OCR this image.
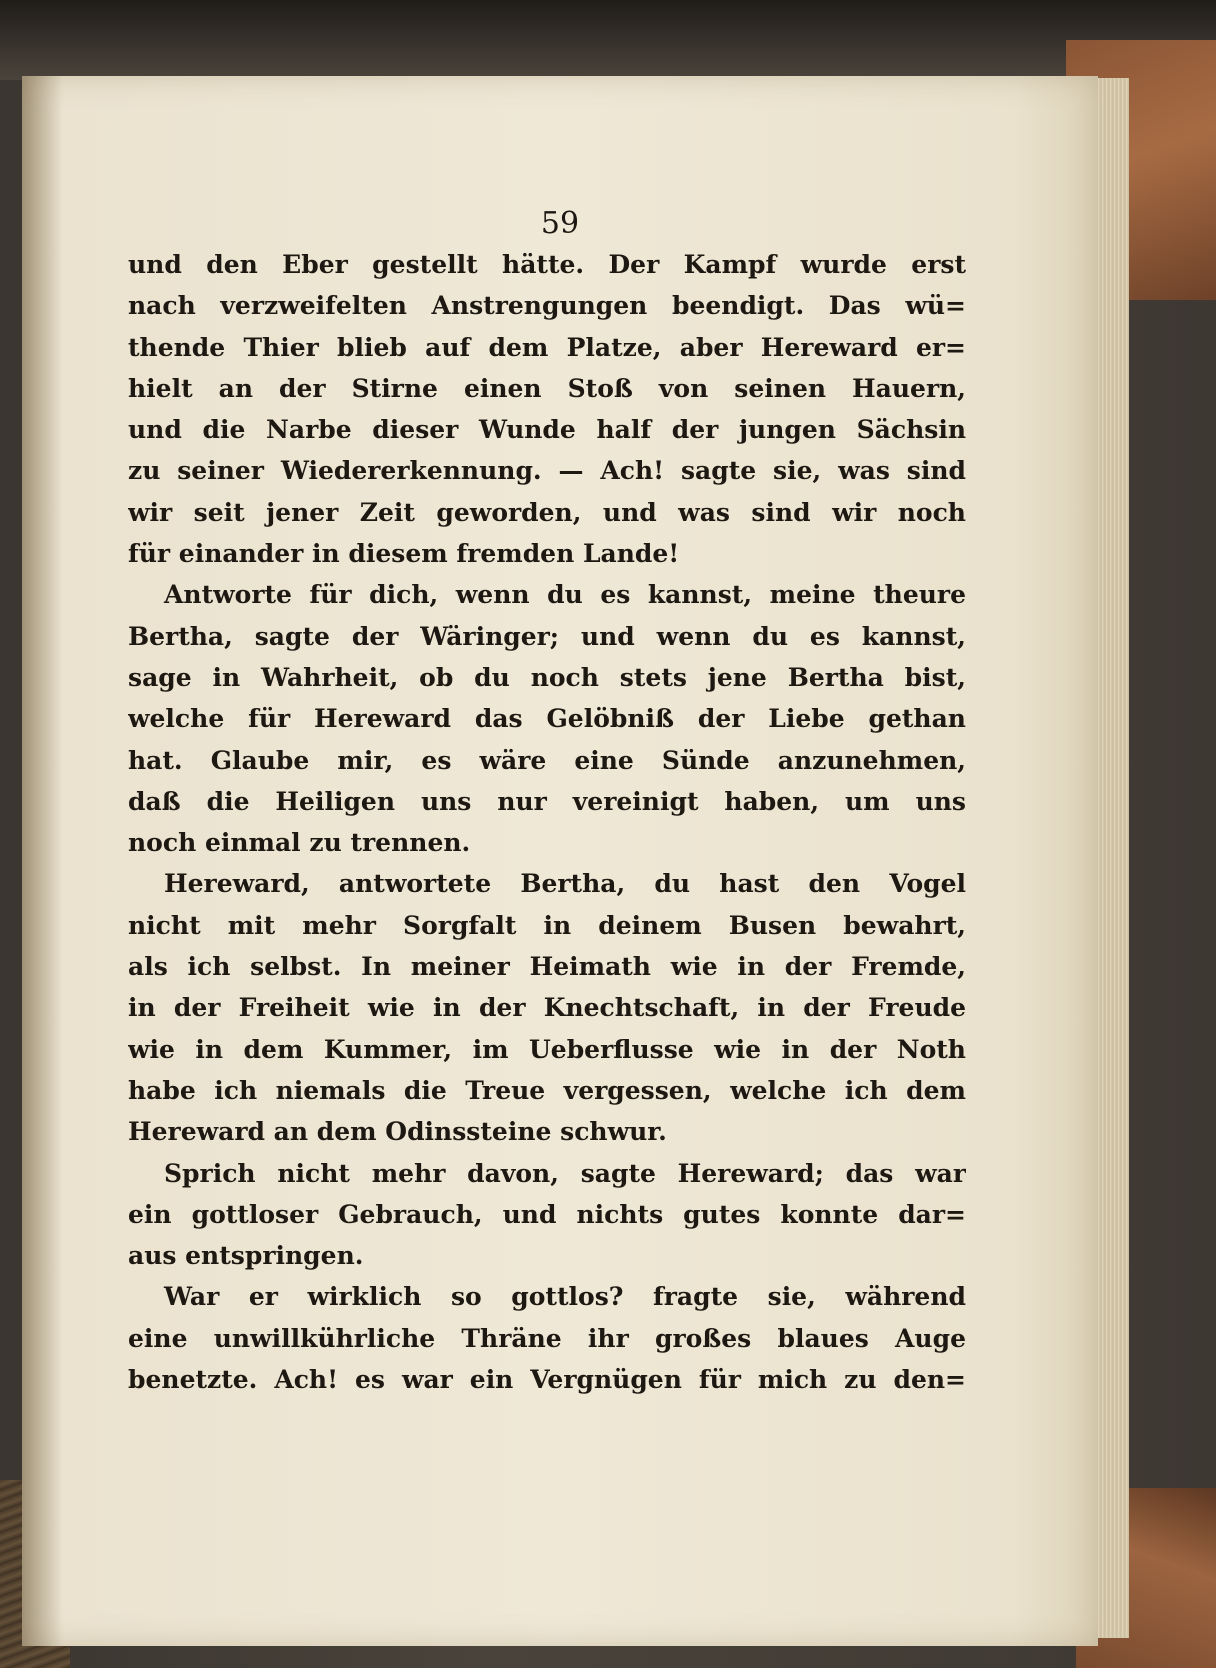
59
und den Eber gestellt hätte. Der Kampf wurde erst
nach verzweifelten Anstrengungen beendigt. Das wü=
thende Thier blieb auf dem Platze, aber Hereward er=
hielt an der Stirne einen Stoß von seinen Hauern,
und die Narbe dieser Wunde half der jungen Sächsin
zu seiner Wiedererkennung. — Ach! sagte sie, was sind
wir seit jener Zeit geworden, und was sind wir noch
für einander in diesem fremden Lande!
Antworte für dich, wenn du es kannst, meine theure
Bertha, sagte der Wäringer; und wenn du es kannst,
sage in Wahrheit, ob du noch stets jene Bertha bist,
welche für Hereward das Gelöbniß der Liebe gethan
hat. Glaube mir, es wäre eine Sünde anzunehmen,
daß die Heiligen uns nur vereinigt haben, um uns
noch einmal zu trennen.
Hereward, antwortete Bertha, du hast den Vogel
nicht mit mehr Sorgfalt in deinem Busen bewahrt,
als ich selbst. In meiner Heimath wie in der Fremde,
in der Freiheit wie in der Knechtschaft, in der Freude
wie in dem Kummer, im Ueberflusse wie in der Noth
habe ich niemals die Treue vergessen, welche ich dem
Hereward an dem Odinssteine schwur.
Sprich nicht mehr davon, sagte Hereward; das war
ein gottloser Gebrauch, und nichts gutes konnte dar=
aus entspringen.
War er wirklich so gottlos? fragte sie, während
eine unwillkührliche Thräne ihr großes blaues Auge
benetzte. Ach! es war ein Vergnügen für mich zu den=
